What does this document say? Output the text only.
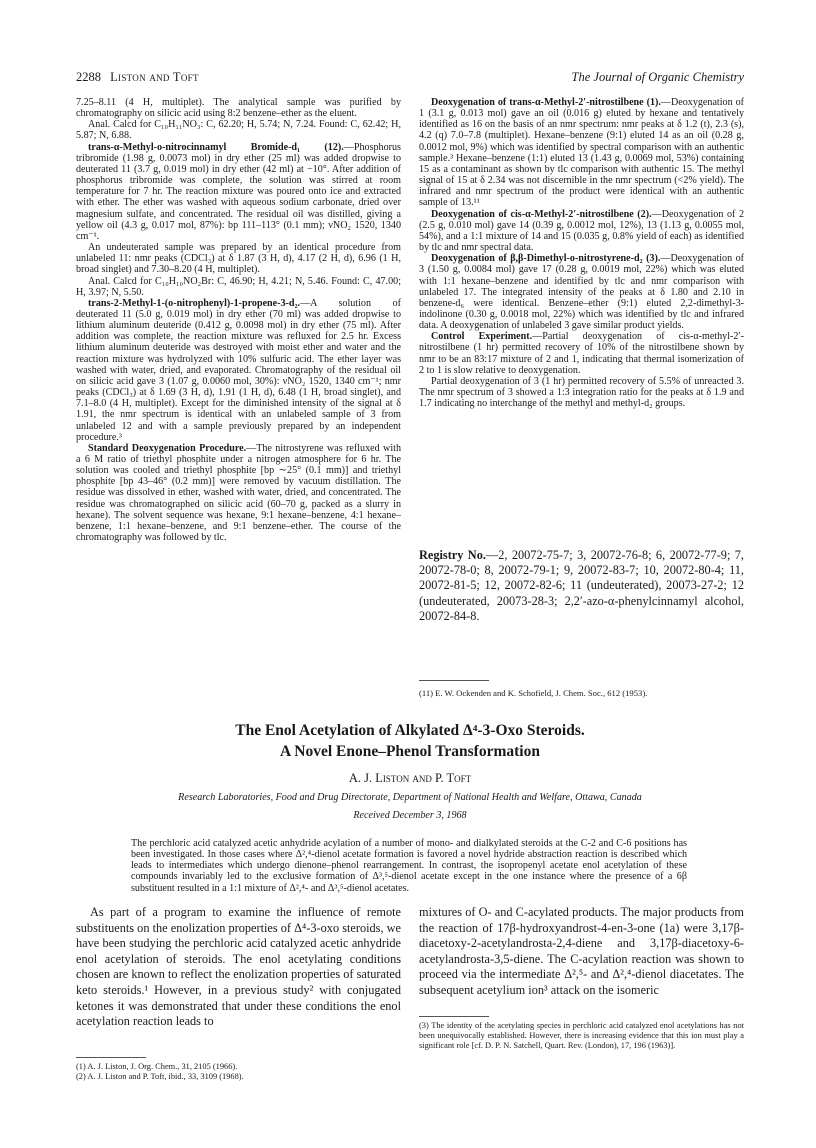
2288 Liston and Toft	The Journal of Organic Chemistry

7.25–8.11 (4 H, multiplet). The analytical sample was purified by chromatography on silicic acid using 8:2 benzene–ether as the eluent.

Anal. Calcd for C₁₀H₁₁NO₃: C, 62.20; H, 5.74; N, 7.24. Found: C, 62.42; H, 5.87; N, 6.88.

trans-α-Methyl-o-nitrocinnamyl Bromide-d₁ (12).—Phosphorus tribromide (1.98 g, 0.0073 mol) in dry ether (25 ml) was added dropwise to deuterated 11 (3.7 g, 0.019 mol) in dry ether (42 ml) at −10°. After addition of phosphorus tribromide was complete, the solution was stirred at room temperature for 7 hr. The reaction mixture was poured onto ice and extracted with ether. The ether was washed with aqueous sodium carbonate, dried over magnesium sulfate, and concentrated. The residual oil was distilled, giving a yellow oil (4.3 g, 0.017 mol, 87%): bp 111–113° (0.1 mm); νNO₂ 1520, 1340 cm⁻¹.

An undeuterated sample was prepared by an identical procedure from unlabeled 11: nmr peaks (CDCl₃) at δ 1.87 (3 H, d), 4.17 (2 H, d), 6.96 (1 H, broad singlet) and 7.30–8.20 (4 H, multiplet).

Anal. Calcd for C₁₀H₁₀NO₂Br: C, 46.90; H, 4.21; N, 5.46. Found: C, 47.00; H, 3.97; N, 5.50.

trans-2-Methyl-1-(o-nitrophenyl)-1-propene-3-d₂.—A solution of deuterated 11 (5.0 g, 0.019 mol) in dry ether (70 ml) was added dropwise to lithium aluminum deuteride (0.412 g, 0.0098 mol) in dry ether (75 ml). After addition was complete, the reaction mixture was refluxed for 2.5 hr. Excess lithium aluminum deuteride was destroyed with moist ether and water and the reaction mixture was hydrolyzed with 10% sulfuric acid. The ether layer was washed with water, dried, and evaporated. Chromatography of the residual oil on silicic acid gave 3 (1.07 g, 0.0060 mol, 30%): νNO₂ 1520, 1340 cm⁻¹; nmr peaks (CDCl₃) at δ 1.69 (3 H, d), 1.91 (1 H, d), 6.48 (1 H, broad singlet), and 7.1–8.0 (4 H, multiplet). Except for the diminished intensity of the signal at δ 1.91, the nmr spectrum is identical with an unlabeled sample of 3 from unlabeled 12 and with a sample previously prepared by an independent procedure.³

Standard Deoxygenation Procedure.—The nitrostyrene was refluxed with a 6 M ratio of triethyl phosphite under a nitrogen atmosphere for 6 hr. The solution was cooled and triethyl phosphite [bp ∼25° (0.1 mm)] and triethyl phosphite [bp 43–46° (0.2 mm)] were removed by vacuum distillation. The residue was dissolved in ether, washed with water, dried, and concentrated. The residue was chromatographed on silicic acid (60–70 g, packed as a slurry in hexane). The solvent sequence was hexane, 9:1 hexane–benzene, 4:1 hexane–benzene, 1:1 hexane–benzene, and 9:1 benzene–ether. The course of the chromatography was followed by tlc.

Deoxygenation of trans-α-Methyl-2′-nitrostilbene (1).—Deoxygenation of 1 (3.1 g, 0.013 mol) gave an oil (0.016 g) eluted by hexane and tentatively identified as 16 on the basis of an nmr spectrum: nmr peaks at δ 1.2 (t), 2.3 (s), 4.2 (q) 7.0–7.8 (multiplet). Hexane–benzene (9:1) eluted 14 as an oil (0.28 g, 0.0012 mol, 9%) which was identified by spectral comparison with an authentic sample.³ Hexane–benzene (1:1) eluted 13 (1.43 g, 0.0069 mol, 53%) containing 15 as a contaminant as shown by tlc comparison with authentic 15. The methyl signal of 15 at δ 2.34 was not discernible in the nmr spectrum (<2% yield). The infrared and nmr spectrum of the product were identical with an authentic sample of 13.¹¹

Deoxygenation of cis-α-Methyl-2′-nitrostilbene (2).—Deoxygenation of 2 (2.5 g, 0.010 mol) gave 14 (0.39 g, 0.0012 mol, 12%), 13 (1.13 g, 0.0055 mol, 54%), and a 1:1 mixture of 14 and 15 (0.035 g, 0.8% yield of each) as identified by tlc and nmr spectral data.

Deoxygenation of β,β-Dimethyl-o-nitrostyrene-d₂ (3).—Deoxygenation of 3 (1.50 g, 0.0084 mol) gave 17 (0.28 g, 0.0019 mol, 22%) which was eluted with 1:1 hexane–benzene and identified by tlc and nmr comparison with unlabeled 17. The integrated intensity of the peaks at δ 1.80 and 2.10 in benzene-d₆ were identical. Benzene–ether (9:1) eluted 2,2-dimethyl-3-indolinone (0.30 g, 0.0018 mol, 22%) which was identified by tlc and infrared data. A deoxygenation of unlabeled 3 gave similar product yields.

Control Experiment.—Partial deoxygenation of cis-α-methyl-2′-nitrostilbene (1 hr) permitted recovery of 10% of the nitrostilbene shown by nmr to be an 83:17 mixture of 2 and 1, indicating that thermal isomerization of 2 to 1 is slow relative to deoxygenation.

Partial deoxygenation of 3 (1 hr) permitted recovery of 5.5% of unreacted 3. The nmr spectrum of 3 showed a 1:3 integration ratio for the peaks at δ 1.9 and 1.7 indicating no interchange of the methyl and methyl-d₂ groups.

Registry No.—2, 20072-75-7; 3, 20072-76-8; 6, 20072-77-9; 7, 20072-78-0; 8, 20072-79-1; 9, 20072-83-7; 10, 20072-80-4; 11, 20072-81-5; 12, 20072-82-6; 11 (undeuterated), 20073-27-2; 12 (undeuterated, 20073-28-3; 2,2′-azo-α-phenylcinnamyl alcohol, 20072-84-8.
(11) E. W. Ockenden and K. Schofield, J. Chem. Soc., 612 (1953).
The Enol Acetylation of Alkylated Δ⁴-3-Oxo Steroids.
A Novel Enone–Phenol Transformation
A. J. Liston and P. Toft
Research Laboratories, Food and Drug Directorate, Department of National Health and Welfare, Ottawa, Canada
Received December 3, 1968
The perchloric acid catalyzed acetic anhydride acylation of a number of mono- and dialkylated steroids at the C-2 and C-6 positions has been investigated. In those cases where Δ²,⁴-dienol acetate formation is favored a novel hydride abstraction reaction is described which leads to intermediates which undergo dienone–phenol rearrangement. In contrast, the isopropenyl acetate enol acetylation of these compounds invariably led to the exclusive formation of Δ³,⁵-dienol acetate except in the one instance where the presence of a 6β substituent resulted in a 1:1 mixture of Δ²,⁴- and Δ³,⁵-dienol acetates.

As part of a program to examine the influence of remote substituents on the enolization properties of Δ⁴-3-oxo steroids, we have been studying the perchloric acid catalyzed acetic anhydride enol acetylation of steroids. The enol acetylating conditions chosen are known to reflect the enolization properties of saturated keto steroids.¹ However, in a previous study² with conjugated ketones it was demonstrated that under these conditions the enol acetylation reaction leads to

mixtures of O- and C-acylated products. The major products from the reaction of 17β-hydroxyandrost-4-en-3-one (1a) were 3,17β-diacetoxy-2-acetylandrosta-2,4-diene and 3,17β-diacetoxy-6-acetylandrosta-3,5-diene. The C-acylation reaction was shown to proceed via the intermediate Δ²,⁵- and Δ²,⁴-dienol diacetates. The subsequent acetylium ion³ attack on the isomeric

(1) A. J. Liston, J. Org. Chem., 31, 2105 (1966).
(2) A. J. Liston and P. Toft, ibid., 33, 3109 (1968).
(3) The identity of the acetylating species in perchloric acid catalyzed enol acetylations has not been unequivocally established. However, there is increasing evidence that this ion must play a significant role [cf. D. P. N. Satchell, Quart. Rev. (London), 17, 196 (1963)].
